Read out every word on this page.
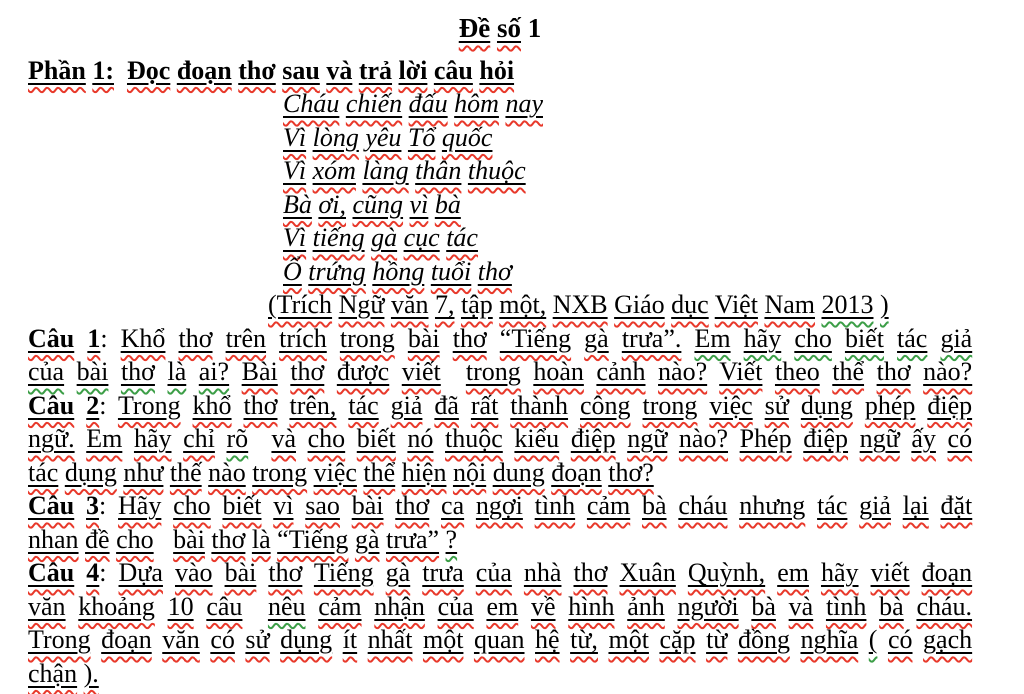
Đề số 1
Phần 1: Đọc đoạn thơ sau và trả lời câu hỏi
Cháu chiến đấu hôm nay
Vì lòng yêu Tổ quốc
Vì xóm làng thân thuộc
Bà ơi, cũng vì bà
Vì tiếng gà cục tác
Ổ trứng hồng tuổi thơ
(Trích Ngữ văn 7, tập một, NXB Giáo dục Việt Nam 2013 )
Câu 1: Khổ thơ trên trích trong bài thơ “Tiếng gà trưa”. Em hãy cho biết tác giả
của bài thơ là ai? Bài thơ được viết trong hoàn cảnh nào? Viết theo thể thơ nào?
Câu 2: Trong khổ thơ trên, tác giả đã rất thành công trong việc sử dụng phép điệp
ngữ. Em hãy chỉ rõ và cho biết nó thuộc kiểu điệp ngữ nào? Phép điệp ngữ ấy có
tác dụng như thế nào trong việc thể hiện nội dung đoạn thơ?
Câu 3: Hãy cho biết vì sao bài thơ ca ngợi tình cảm bà cháu nhưng tác giả lại đặt
nhan đề cho bài thơ là “Tiếng gà trưa” ?
Câu 4: Dựa vào bài thơ Tiếng gà trưa của nhà thơ Xuân Quỳnh, em hãy viết đoạn
văn khoảng 10 câu nêu cảm nhận của em về hình ảnh người bà và tình bà cháu.
Trong đoạn văn có sử dụng ít nhất một quan hệ từ, một cặp từ đồng nghĩa ( có gạch
chận ).
